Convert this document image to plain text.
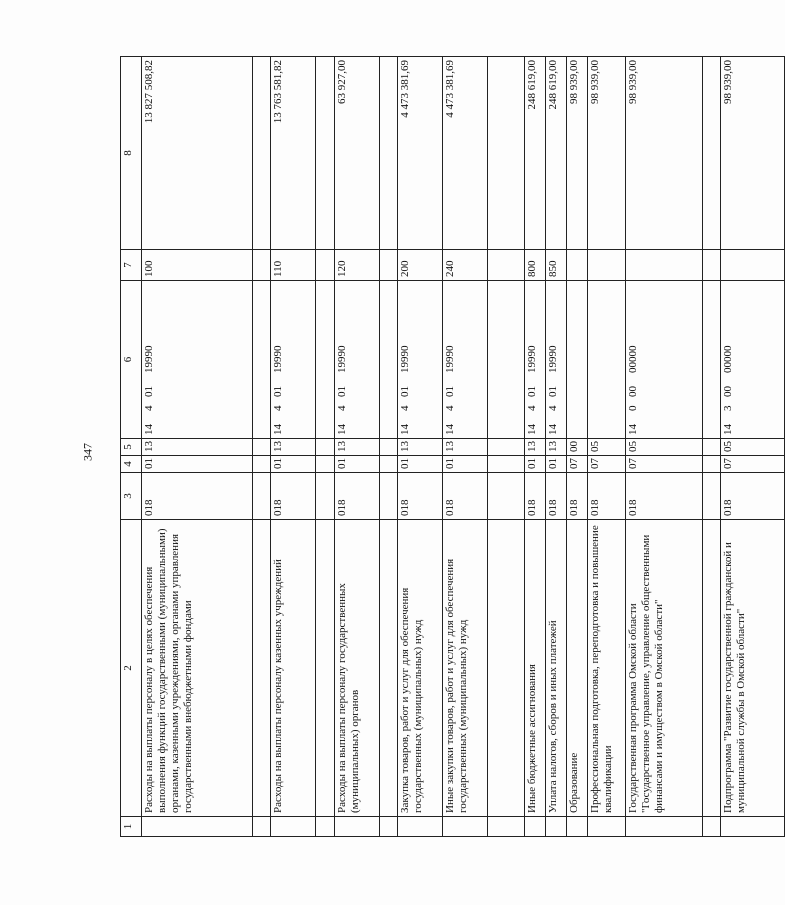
347
1	2	3	4	5	6	7	8
	Расходы на выплаты персоналу в целях обеспечения выполнения функций государственными (муниципальными) органами, казенными учреждениями, органами управления государственными внебюджетными фондами	018	01	13	1440119990	100	13 827 508,82

	Расходы на выплаты персоналу казенных учреждений	018	01	13	1440119990	110	13 763 581,82

	Расходы на выплаты персоналу государственных (муниципальных) органов	018	01	13	1440119990	120	63 927,00

	Закупка товаров, работ и услуг для обеспечения государственных (муниципальных) нужд	018	01	13	1440119990	200	4 473 381,69
	Иные закупки товаров, работ и услуг для обеспечения государственных (муниципальных) нужд	018	01	13	1440119990	240	4 473 381,69

	Иные бюджетные ассигнования	018	01	13	1440119990	800	248 619,00
	Уплата налогов, сборов и иных платежей	018	01	13	1440119990	850	248 619,00
	Образование	018	07	00			98 939,00
	Профессиональная подготовка, переподготовка и повышение квалификации	018	07	05			98 939,00
	Государственная программа Омской области "Государственное управление, управление общественными финансами и имуществом в Омской области"	018	07	05	1400000000		98 939,00

	Подпрограмма "Развитие государственной гражданской и муниципальной службы в Омской области"	018	07	05	1430000000		98 939,00
